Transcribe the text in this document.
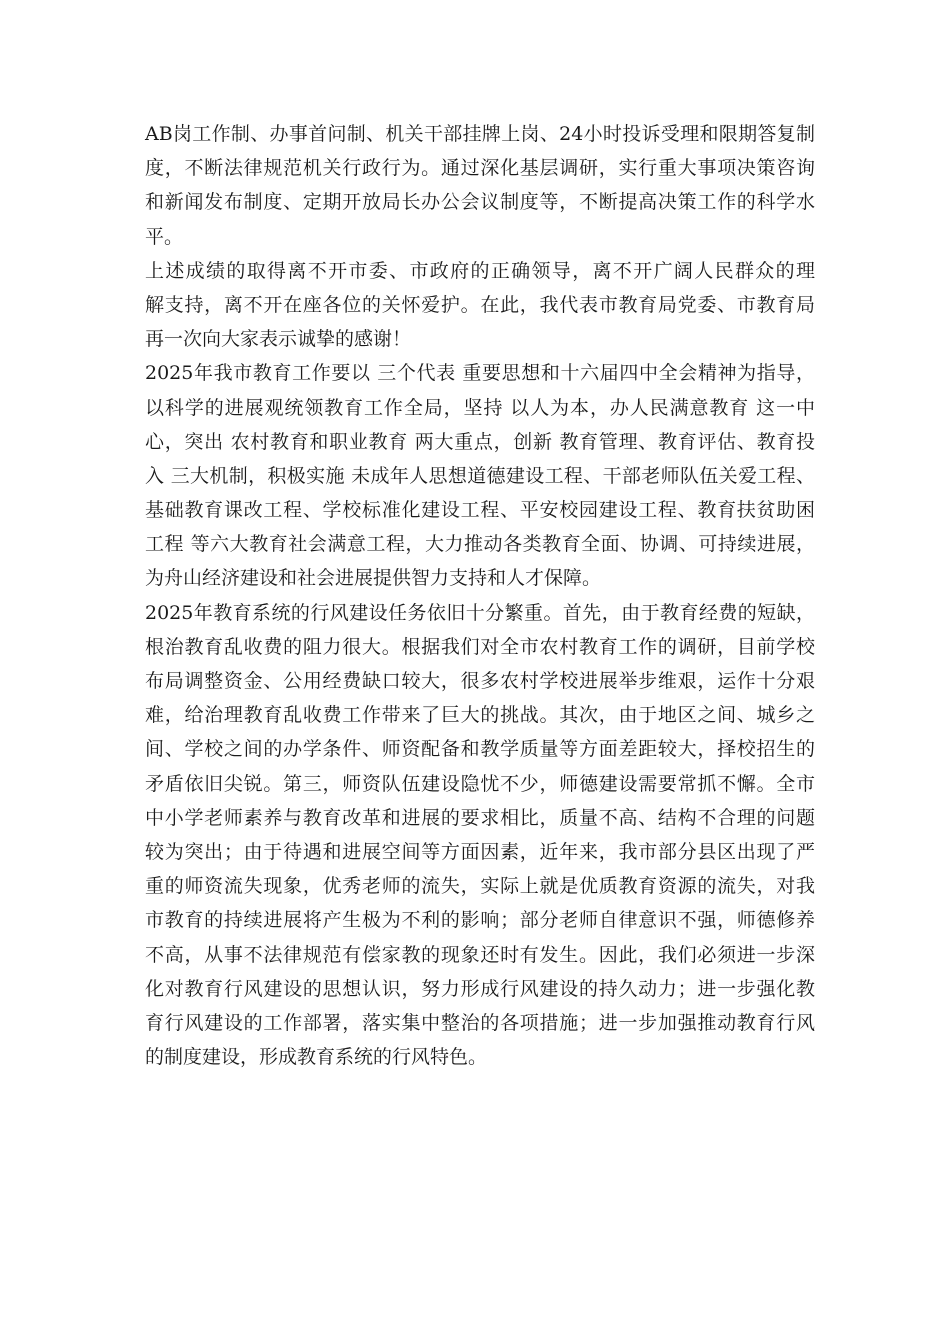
AB岗工作制、办事首问制、机关干部挂牌上岗、24小时投诉受理和限期答复制
度，不断法律规范机关行政行为。通过深化基层调研，实行重大事项决策咨询
和新闻发布制度、定期开放局长办公会议制度等，不断提高决策工作的科学水
平。
上述成绩的取得离不开市委、市政府的正确领导，离不开广阔人民群众的理
解支持，离不开在座各位的关怀爱护。在此，我代表市教育局党委、市教育局
再一次向大家表示诚挚的感谢！
2025年我市教育工作要以 三个代表 重要思想和十六届四中全会精神为指导，
以科学的进展观统领教育工作全局，坚持 以人为本，办人民满意教育 这一中
心，突出 农村教育和职业教育 两大重点，创新 教育管理、教育评估、教育投
入 三大机制，积极实施 未成年人思想道德建设工程、干部老师队伍关爱工程、
基础教育课改工程、学校标准化建设工程、平安校园建设工程、教育扶贫助困
工程 等六大教育社会满意工程，大力推动各类教育全面、协调、可持续进展，
为舟山经济建设和社会进展提供智力支持和人才保障。
2025年教育系统的行风建设任务依旧十分繁重。首先，由于教育经费的短缺，
根治教育乱收费的阻力很大。根据我们对全市农村教育工作的调研，目前学校
布局调整资金、公用经费缺口较大，很多农村学校进展举步维艰，运作十分艰
难，给治理教育乱收费工作带来了巨大的挑战。其次，由于地区之间、城乡之
间、学校之间的办学条件、师资配备和教学质量等方面差距较大，择校招生的
矛盾依旧尖锐。第三，师资队伍建设隐忧不少，师德建设需要常抓不懈。全市
中小学老师素养与教育改革和进展的要求相比，质量不高、结构不合理的问题
较为突出；由于待遇和进展空间等方面因素，近年来，我市部分县区出现了严
重的师资流失现象，优秀老师的流失，实际上就是优质教育资源的流失，对我
市教育的持续进展将产生极为不利的影响；部分老师自律意识不强，师德修养
不高，从事不法律规范有偿家教的现象还时有发生。因此，我们必须进一步深
化对教育行风建设的思想认识，努力形成行风建设的持久动力；进一步强化教
育行风建设的工作部署，落实集中整治的各项措施；进一步加强推动教育行风
的制度建设，形成教育系统的行风特色。
